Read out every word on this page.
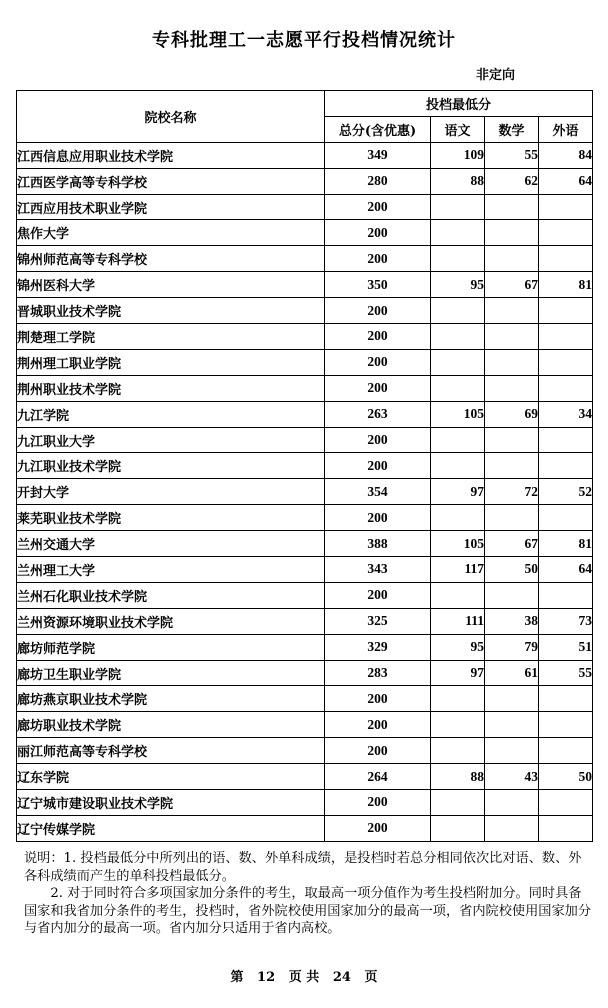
专科批理工一志愿平行投档情况统计
非定向
院校名称	投档最低分			
	总分(含优惠)	语文	数学	外语
江西信息应用职业技术学院	349	109	55	84
江西医学高等专科学校	280	88	62	64
江西应用技术职业学院	200			
焦作大学	200			
锦州师范高等专科学校	200			
锦州医科大学	350	95	67	81
晋城职业技术学院	200			
荆楚理工学院	200			
荆州理工职业学院	200			
荆州职业技术学院	200			
九江学院	263	105	69	34
九江职业大学	200			
九江职业技术学院	200			
开封大学	354	97	72	52
莱芜职业技术学院	200			
兰州交通大学	388	105	67	81
兰州理工大学	343	117	50	64
兰州石化职业技术学院	200			
兰州资源环境职业技术学院	325	111	38	73
廊坊师范学院	329	95	79	51
廊坊卫生职业学院	283	97	61	55
廊坊燕京职业技术学院	200			
廊坊职业技术学院	200			
丽江师范高等专科学校	200			
辽东学院	264	88	43	50
辽宁城市建设职业技术学院	200			
辽宁传媒学院	200			

说明：1. 投档最低分中所列出的语、数、外单科成绩，是投档时若总分相同依次比对语、数、外各科成绩而产生的单科投档最低分。

2. 对于同时符合多项国家加分条件的考生，取最高一项分值作为考生投档附加分。同时具备国家和我省加分条件的考生，投档时，省外院校使用国家加分的最高一项，省内院校使用国家加分与省内加分的最高一项。省内加分只适用于省内高校。

第   12   页 共   24   页
